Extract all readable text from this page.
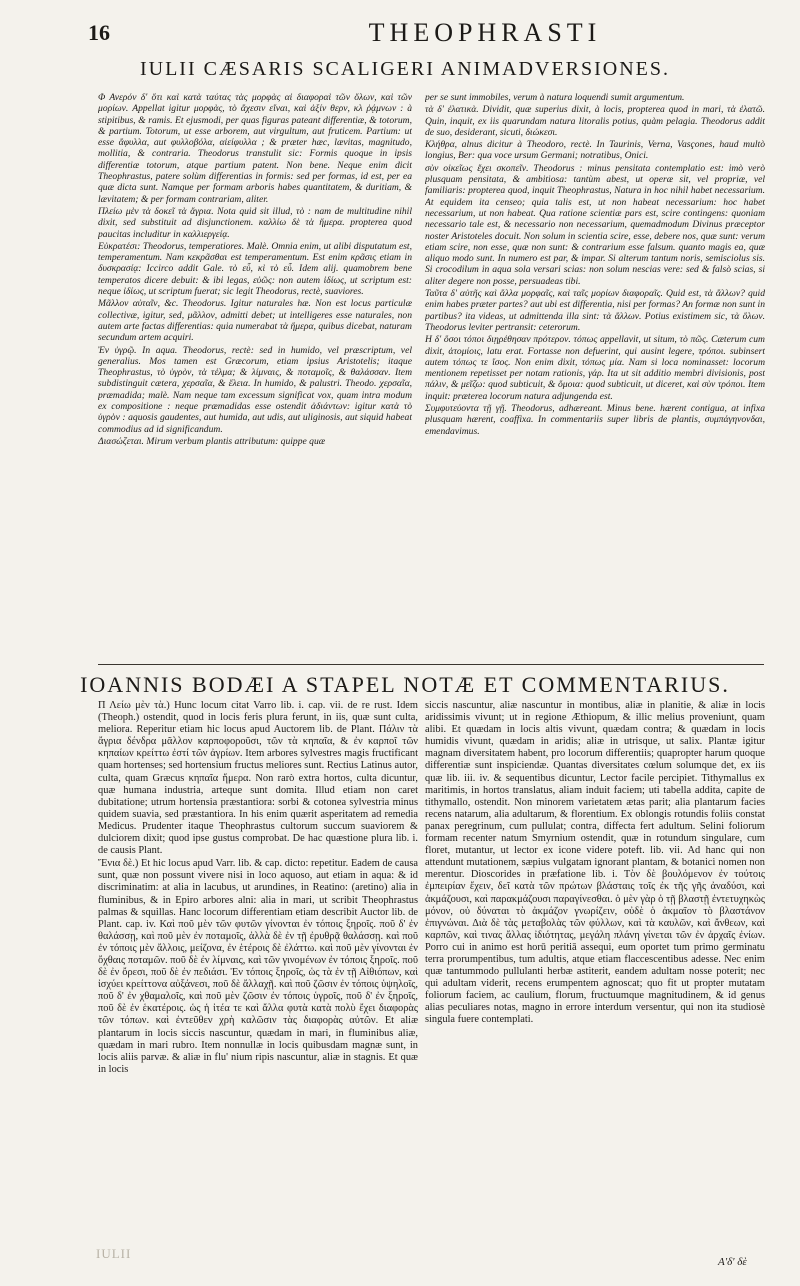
16	THEOPHRASTI
IULII CÆSARIS SCALIGERI ANIMADVERSIONES.

Φ Ανερόν δ' ὅτι καὶ κατὰ ταύτας τὰς μορφὰς αἱ διαφοραὶ τῶν ὅλων, καὶ τῶν μορίων. Appellat igitur μορφὰς, τὸ ἄχεσιν εἴναι, καὶ ἀξίν θερν, κλ ῥᾴμνων : à stipitibus, & ramis. Et ejusmodi, per quas figuras pateant differentiæ, & totorum, & partium. Totorum, ut esse arborem, aut virgultum, aut fruticem. Partium: ut esse ἄφυλλα, aut φυλλοβόλα, αἰείφυλλα ; & præter hæc, lævitas, magnitudo, mollitia, & contraria. Theodorus transtulit sic: Formis quoque in ipsis differentiæ totorum, atque partium patent. Non bene. Neque enim dicit Theophrastus, patere solùm differentias in formis: sed per formas, id est, per ea quæ dicta sunt. Namque per formam arboris habes quantitatem, & duritiam, & lævitatem; & per formam contrariam, aliter.

Πλείω μὲν τὰ δοκεῖ τὰ ἄγρια. Nota quid sit illud, τὸ : nam de multitudine nihil dixit, sed substituit ad disjunctionem. καλλίω δὲ τὰ ἥμερα. propterea quod paucitas includitur in καλλιεργείᾳ.

Εὐκρατέσι: Theodorus, temperatiores. Malè. Omnia enim, ut alibi disputatum est, temperamentum. Nam κεκρᾶσθαι est temperamentum. Est enim κρᾶσις etiam in δυσκρασίᾳ: Iccirco addit Gale. τὸ εὖ, κὶ τὸ εὖ. Idem alij. quamobrem bene temperatos dicere debuit: & ibi legas, εὐῶς: non autem ἰδίως, ut scriptum est: neque ἰδίως, ut scriptum fuerat; sic legit Theodorus, rectè, suaviores.

Μᾶλλον αὐταῖν, &c. Theodorus. Igitur naturales hæ. Non est locus particulæ collectivæ, igitur, sed, μᾶλλον, admitti debet; ut intelligeres esse naturales, non autem arte factas differentias: quia numerabat τὰ ἥμερα, quibus dicebat, naturam secundum artem acquiri.

Ἐν ὑγρῷ. In aqua. Theodorus, rectè: sed in humido, vel præscriptum, vel generalius. Mos tamen est Græcorum, etiam ipsius Aristotelis; itaque Theophrastus, τὸ ὑγρὸν, τὰ τέλμα; & λίμναις, & ποταμοῖς, & θαλάσσαν. Item subdistinguit cætera, χερσαῖα, & ἕλεια. In humido, & palustri. Theodo. χερσαῖα, præmadida; malè. Nam neque tam excessum significat vox, quam intra modum ex compositione : neque præmadidas esse ostendit ἀδιάντων: igitur κατὰ τὸ ὑγρὸν : aquosis gaudentes, aut humida, aut udis, aut uliginosis, aut siquid habeat commodius ad id significandum.

Διασώζεται. Mirum verbum plantis attributum: quippe quæ

per se sunt immobiles, verum à natura loquendi sumit argumentum.

τὰ δ' ἐλατικὰ. Dividit, quæ superius dixit, à locis, propterea quod in mari, τὰ ἐλατῶ. Quin, inquit, ex iis quarundam natura litoralis potius, quàm pelagia. Theodorus addit de suo, desiderant, sicuti, διώκεσι.

Κλήθρα, alnus dicitur à Theodoro, rectè. In Taurinis, Verna, Vasçones, haud multò longius, Ber: qua voce ursum Germani; notratibus, Onici.

σὺν οἰκεῖως ἔχει σκοπεῖν. Theodorus : minus pensitata contemplatio est: imò verò plusquam pensitata, & ambitiosa: tantùm abest, ut operæ sit, vel propriæ, vel familiaris: propterea quod, inquit Theophrastus, Natura in hoc nihil habet necessarium. At equidem ita censeo; quia talis est, ut non habeat necessarium: hoc habet necessarium, ut non habeat. Qua ratione scientiæ pars est, scire contingens: quoniam necessario tale est, & necessario non necessarium, quemadmodum Divinus præceptor noster Aristoteles docuit. Non solum in scientia scire, esse, debere nos, quæ sunt: verum etiam scire, non esse, quæ non sunt: & contrarium esse falsum. quanto magis ea, quæ aliquo modo sunt. In numero est par, & impar. Si alterum tantum noris, semisciolus sis. Si crocodilum in aqua sola versari scias: non solum nescias vere: sed & falsò scias, si aliter degere non posse, persuadeas tibi.

Ταῦτα δ' αὐτῆς καὶ ἄλλα μορφαῖς, καὶ ταῖς μορίων διαφοραῖς. Quid est, τὰ ἄλλων? quid enim habes præter partes? aut ubi est differentia, nisi per formas? An formæ non sunt in partibus? ita videas, ut admittenda illa sint: τὰ ἄλλων. Potius existimem sic, τὰ ὅλων. Theodorus leviter pertransit: ceterorum.

Η δ' ὅσοι τόποι διῃρέθησαν πρότερον. τόπως appellavit, ut situm, τὸ πῶς. Cæterum cum dixit, ἀτομίοις, latu erat. Fortasse non defuerint, qui ausint legere, τρόποι. subinsert autem τόπως τε ἴσος. Non enim dixit, τόπως μία. Nam si loca nominasset: locorum mentionem repetisset per notam rationis, γάρ. Ita ut sit additio membri divisionis, post πάλιν, & μεῖζω: quod subticuit, & ὅμοια: quod subticuit, ut diceret, καὶ σὺν τρόποι. Item inquit: præterea locorum natura adjungenda est.

Συμφυτεύοντα τῇ γῇ. Theodorus, adhærеant. Minus bene. hærent contigua, at infixa plusquam hærent, coaffixa. In commentariis super libris de plantis, συμπάγηνονδαι, emendavimus.

IOANNIS BODÆI A STAPEL NOTÆ ET COMMENTARIUS.

Π Λείω μὲν τὰ.) Hunc locum citat Varro lib. i. cap. vii. de re rust. Idem (Theoph.) ostendit, quod in locis feris plura ferunt, in iis, quæ sunt culta, meliora. Reperitur etiam hic locus apud Auctorem lib. de Plant. Πάλιν τὰ ἄγρια δένδρα μᾶλλον καρποφοροῦσι, τῶν τὰ κηπαῖα, & ἐν καρποῖ τῶν κηπαίων κρείττω ἐστί τῶν ἀγρίων. Item arbores sylvestres magis fructificant quam hortenses; sed hortensium fructus meliores sunt. Rectius Latinus autor, culta, quam Græcus κηπαῖα ἥμερα. Non rarò extra hortos, culta dicuntur, quæ humana industria, arteque sunt domita. Illud etiam non caret dubitatione; utrum hortensia præstantiora: sorbi & cotonea sylvestria minus quidem suavia, sed præstantiora. In his enim quærit asperitatem ad remedia Medicus. Prudenter itaque Theophrastus cultorum succum suaviorem & dulciorem dixit; quod ipse gustus comprobat. De hac quæstione plura lib. i. de causis Plant.

Ἔνια δὲ.) Et hic locus apud Varr. lib. & cap. dicto: repetitur. Eadem de causa sunt, quæ non possunt vivere nisi in loco aquoso, aut etiam in aqua: & id discriminatim: at alia in lacubus, ut arundines, in Reatino: (aretino) alia in fluminibus, & in Epiro arbores alni: alia in mari, ut scribit Theophrastus palmas & squillas. Hanc locorum differentiam etiam describit Auctor lib. de Plant. cap. iv. Καὶ ποῦ μὲν τῶν φυτῶν γίνονται ἐν τόποις ξηροῖς. ποῦ δ' ἐν θαλάσσῃ, καὶ ποῦ μὲν ἐν ποταμοῖς, ἀλλὰ δὲ ἐν τῇ ἐρυθρᾷ θαλάσσῃ. καὶ ποῦ ἐν τόποις μὲν ἄλλοις, μείζονα, ἐν ἑτέροις δὲ ἐλάττω. καὶ ποῦ μὲν γίνονται ἐν ὄχθαις ποταμῶν. ποῦ δὲ ἐν λίμναις, καὶ τῶν γινομένων ἐν τόποις ξηροῖς. ποῦ δὲ ἐν ὄρεσι, ποῦ δὲ ἐν πεδιάσι. Ἐν τόποις ξηροῖς, ὡς τὰ ἐν τῇ Αἰθιόπων, καὶ ἰσχύει κρείττονα αὐξάνεσι, ποῦ δὲ ἄλλαχῇ. καὶ ποῦ ζῶσιν ἐν τόποις ὑψηλοῖς, ποῦ δ' ἐν χθαμαλοῖς, καὶ ποῦ μὲν ζῶσιν ἐν τόποις ὑγροῖς, ποῦ δ' ἐν ξηροῖς, ποῦ δὲ ἐν ἑκατέροις. ὡς ἡ ἰτέα τε καὶ ἄλλα φυτὰ κατὰ πολὺ ἔχει διαφορὰς τῶν τόπων. καὶ ἐντεῦθεν χρὴ καλῶσιν τὰς διαφορὰς αὐτῶν. Et aliæ plantarum in locis siccis nascuntur, quædam in mari, in fluminibus aliæ, quædam in mari rubro. Item nonnullæ in locis quibusdam magnæ sunt, in locis aliis parvæ. & aliæ in flu' nium ripis nascuntur, aliæ in stagnis. Et quæ in locis

siccis nascuntur, aliæ nascuntur in montibus, aliæ in planitie, & aliæ in locis aridissimis vivunt; ut in regione Æthiopum, & illic melius proveniunt, quam alibi. Et quædam in locis altis vivunt, quædam contra; & quædam in locis humidis vivunt, quædam in aridis; aliæ in utrisque, ut salix. Plantæ igitur magnam diversitatem habent, pro locorum differentiis; quapropter harum quoque differentiæ sunt inspiciendæ. Quantas diversitates cœlum solumque det, ex iis quæ lib. iii. iv. & sequentibus dicuntur, Lector facile percipiet. Tithymallus ex maritimis, in hortos translatus, aliam induit faciem; uti tabella addita, capite de tithymallo, ostendit. Non minorem varietatem ætas parit; alia plantarum facies recens natarum, alia adultarum, & florentium. Ex oblongis rotundis foliis constat panax peregrinum, cum pullulat; contra, diffecta fert adultum. Selini foliorum formam recenter natum Smyrnium ostendit, quæ in rotundum singulare, cum floret, mutantur, ut lector ex iconе videre poteft. lib. vii. Ad hanc qui non attendunt mutationem, sæpius vulgatam ignorant plantam, & botanici nomen non merentur. Dioscorides in præfatione lib. i. Τὸν δὲ βουλόμενον ἐν τούτοις ἐμπειρίαν ἔχειν, δεῖ κατὰ τῶν πρώτων βλάσταις τοῖς ἐκ τῆς γῆς ἀναδύσι, καὶ ἀκμάζουσι, καὶ παρακμάζουσι παραγίνεσθαι. ὁ μὲν γὰρ ὁ τῇ βλαστῇ ἐντετυχηκὼς μόνον, οὐ δύναται τὸ ἀκμάζον γνωρίζειν, οὐδὲ ὁ ἀκμαῖον τὸ βλαστάνον ἐπιγνώναι. Διὰ δὲ τὰς μεταβολὰς τῶν φύλλων, καὶ τὰ καυλῶν, καὶ ἄνθεων, καὶ καρπῶν, καὶ τινας ἄλλας ἰδιότητας, μεγάλη πλάνη γίνεται τῶν ἐν ἀρχαῖς ἐνίων. Porro cui in animo est horū peritiā assequi, eum oportet tum primo germinatu terra prorumpentibus, tum adultis, atque etiam flaccescentibus adesse. Nec enim quæ tantummodo pullulanti herbæ astiterit, eandem adultam nosse poterit; nec qui adultam viderit, recens erumpentem agnoscat; quo fit ut propter mutatam foliorum faciem, ac caulium, florum, fructuumque magnitudinem, & id genus alias peculiares notas, magno in errore interdum versentur, qui non ita studiosè singula fuere contemplati.

IULII
Α'δ' δὲ
